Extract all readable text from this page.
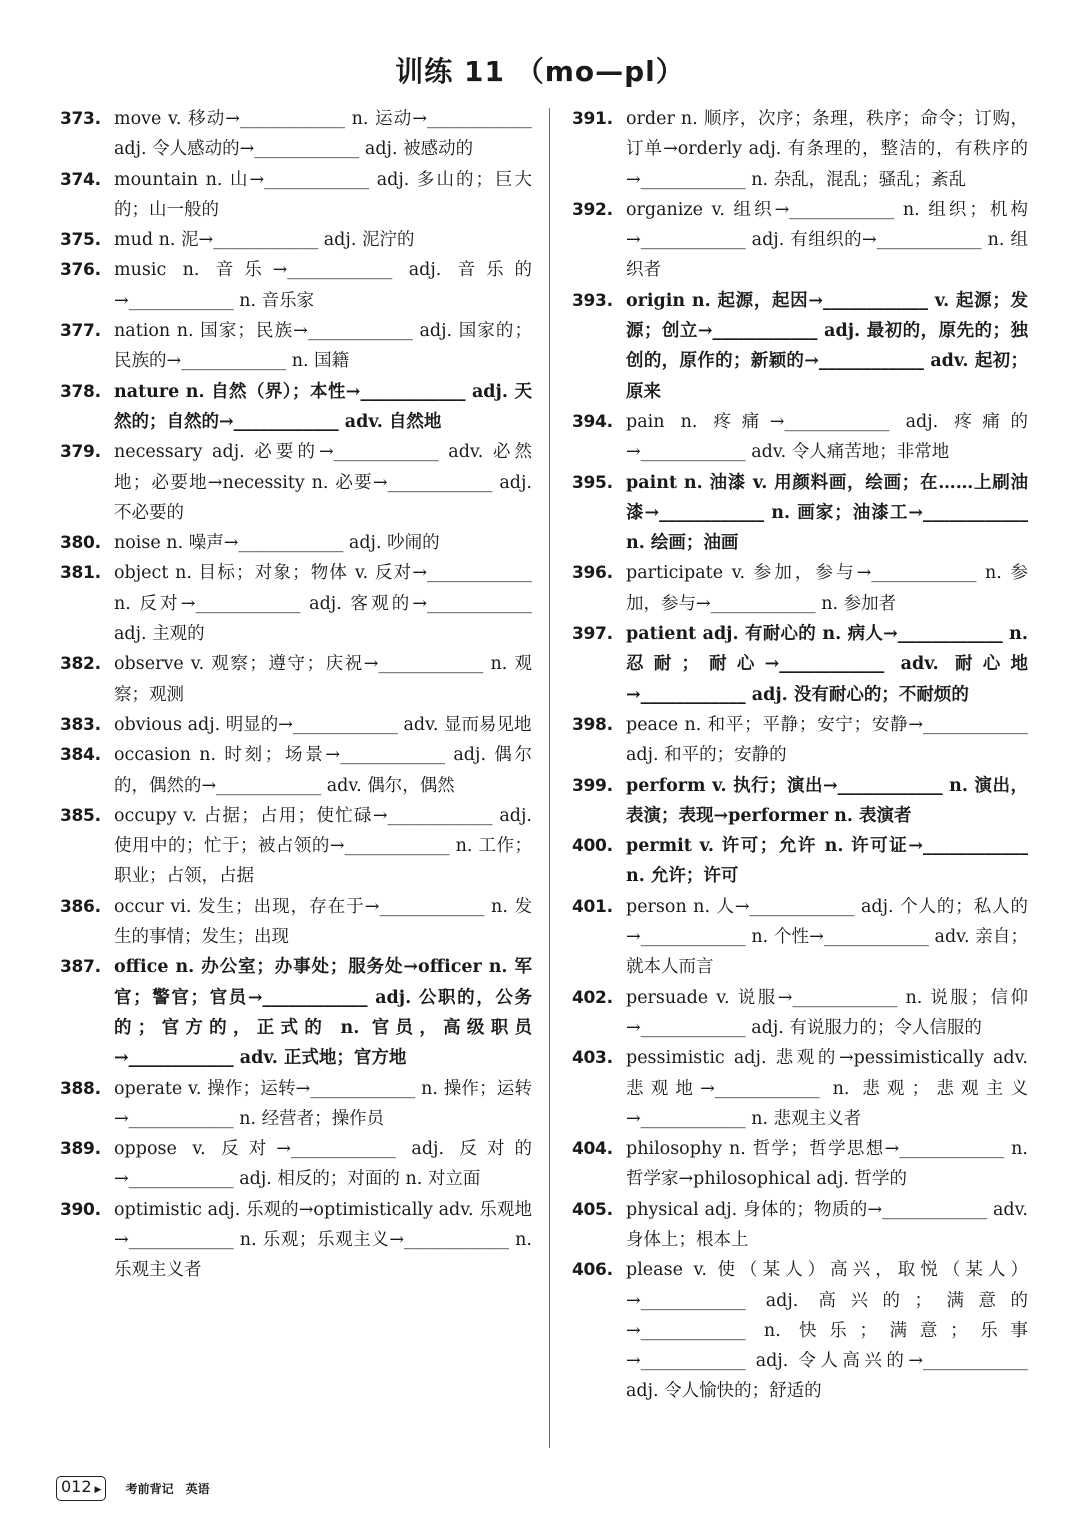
训练 11 （mo—pl）
373. move v. 移动→____________ n. 运动→____________ adj. 令人感动的→____________ adj. 被感动的
374. mountain n. 山→____________ adj. 多山的；巨大的；山一般的
375. mud n. 泥→____________ adj. 泥泞的
376. music n. 音乐→____________ adj. 音乐的→____________ n. 音乐家
377. nation n. 国家；民族→____________ adj. 国家的；民族的→____________ n. 国籍
378. nature n. 自然（界）；本性→____________ adj. 天然的；自然的→____________ adv. 自然地
379. necessary adj. 必要的→____________ adv. 必然地；必要地→necessity n. 必要→____________ adj. 不必要的
380. noise n. 噪声→____________ adj. 吵闹的
381. object n. 目标；对象；物体 v. 反对→____________ n. 反对→____________ adj. 客观的→____________ adj. 主观的
382. observe v. 观察；遵守；庆祝→____________ n. 观察；观测
383. obvious adj. 明显的→____________ adv. 显而易见地
384. occasion n. 时刻；场景→____________ adj. 偶尔的，偶然的→____________ adv. 偶尔，偶然
385. occupy v. 占据；占用；使忙碌→____________ adj. 使用中的；忙于；被占领的→____________ n. 工作；职业；占领，占据
386. occur vi. 发生；出现，存在于→____________ n. 发生的事情；发生；出现
387. office n. 办公室；办事处；服务处→officer n. 军官；警官；官员→____________ adj. 公职的，公务的；官方的，正式的 n. 官员，高级职员→____________ adv. 正式地；官方地
388. operate v. 操作；运转→____________ n. 操作；运转→____________ n. 经营者；操作员
389. oppose v. 反对→____________ adj. 反对的→____________ adj. 相反的；对面的 n. 对立面
390. optimistic adj. 乐观的→optimistically adv. 乐观地→____________ n. 乐观；乐观主义→____________ n. 乐观主义者
391. order n. 顺序，次序；条理，秩序；命令；订购，订单→orderly adj. 有条理的，整洁的，有秩序的→____________ n. 杂乱，混乱；骚乱；紊乱
392. organize v. 组织→____________ n. 组织；机构→____________ adj. 有组织的→____________ n. 组织者
393. origin n. 起源，起因→____________ v. 起源；发源；创立→____________ adj. 最初的，原先的；独创的，原作的；新颖的→____________ adv. 起初；原来
394. pain n. 疼痛→____________ adj. 疼痛的→____________ adv. 令人痛苦地；非常地
395. paint n. 油漆 v. 用颜料画，绘画；在……上刷油漆→____________ n. 画家；油漆工→____________ n. 绘画；油画
396. participate v. 参加，参与→____________ n. 参加，参与→____________ n. 参加者
397. patient adj. 有耐心的 n. 病人→____________ n. 忍耐；耐心→____________ adv. 耐心地→____________ adj. 没有耐心的；不耐烦的
398. peace n. 和平；平静；安宁；安静→____________ adj. 和平的；安静的
399. perform v. 执行；演出→____________ n. 演出，表演；表现→performer n. 表演者
400. permit v. 许可；允许 n. 许可证→____________ n. 允许；许可
401. person n. 人→____________ adj. 个人的；私人的→____________ n. 个性→____________ adv. 亲自；就本人而言
402. persuade v. 说服→____________ n. 说服；信仰→____________ adj. 有说服力的；令人信服的
403. pessimistic adj. 悲观的→pessimistically adv. 悲观地→____________ n. 悲观；悲观主义→____________ n. 悲观主义者
404. philosophy n. 哲学；哲学思想→____________ n. 哲学家→philosophical adj. 哲学的
405. physical adj. 身体的；物质的→____________ adv. 身体上；根本上
406. please v. 使（某人）高兴，取悦（某人）→____________ adj. 高兴的；满意的→____________ n. 快乐；满意；乐事→____________ adj. 令人高兴的→____________ adj. 令人愉快的；舒适的
012 ▶ 考前背记　英语
